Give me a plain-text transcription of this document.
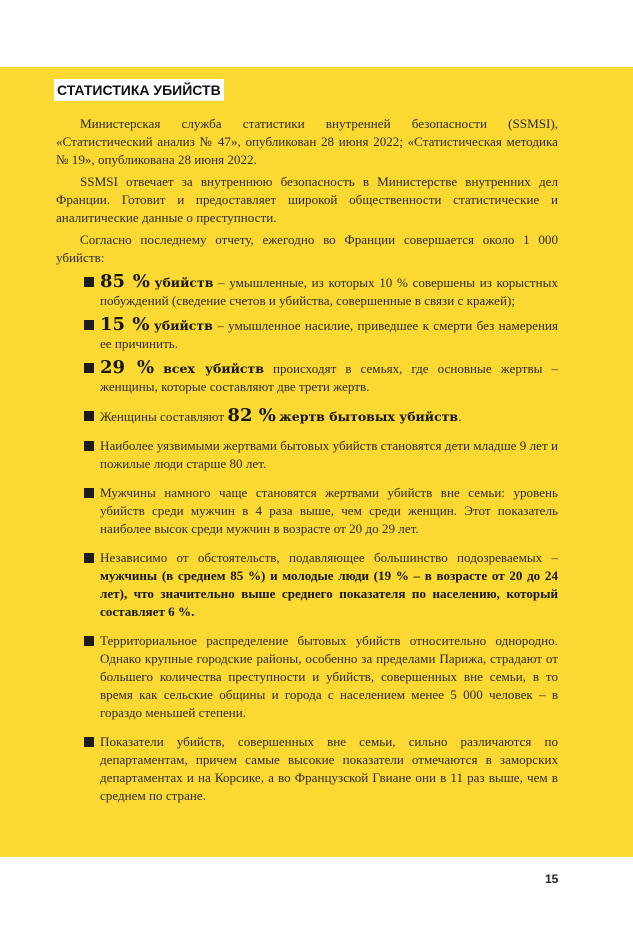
СТАТИСТИКА УБИЙСТВ

Министерская служба статистики внутренней безопасности (SSMSI), «Статистический анализ № 47», опубликован 28 июня 2022; «Статистическая методика № 19», опубликована 28 июня 2022.

SSMSI отвечает за внутреннюю безопасность в Министерстве внутренних дел Франции. Готовит и предоставляет широкой общественности статистические и аналитические данные о преступности.

Согласно последнему отчету, ежегодно во Франции совершается около 1 000 убийств:

85 % убийств – умышленные, из которых 10 % совершены из корыстных побуждений (сведение счетов и убийства, совершенные в связи с кражей);
15 % убийств – умышленное насилие, приведшее к смерти без намерения ее причинить.
29 % всех убийств происходят в семьях, где основные жертвы – женщины, которые составляют две трети жертв.
Женщины составляют 82 % жертв бытовых убийств.
Наиболее уязвимыми жертвами бытовых убийств становятся дети младше 9 лет и пожилые люди старше 80 лет.
Мужчины намного чаще становятся жертвами убийств вне семьи: уровень убийств среди мужчин в 4 раза выше, чем среди женщин. Этот показатель наиболее высок среди мужчин в возрасте от 20 до 29 лет.
Независимо от обстоятельств, подавляющее большинство подозреваемых – мужчины (в среднем 85 %) и молодые люди (19 % – в возрасте от 20 до 24 лет), что значительно выше среднего показателя по населению, который составляет 6 %.
Территориальное распределение бытовых убийств относительно однородно. Однако крупные городские районы, особенно за пределами Парижа, страдают от большего количества преступности и убийств, совершенных вне семьи, в то время как сельские общины и города с населением менее 5 000 человек – в гораздо меньшей степени.
Показатели убийств, совершенных вне семьи, сильно различаются по департаментам, причем самые высокие показатели отмечаются в заморских департаментах и на Корсике, а во Французской Гвиане они в 11 раз выше, чем в среднем по стране.
15
